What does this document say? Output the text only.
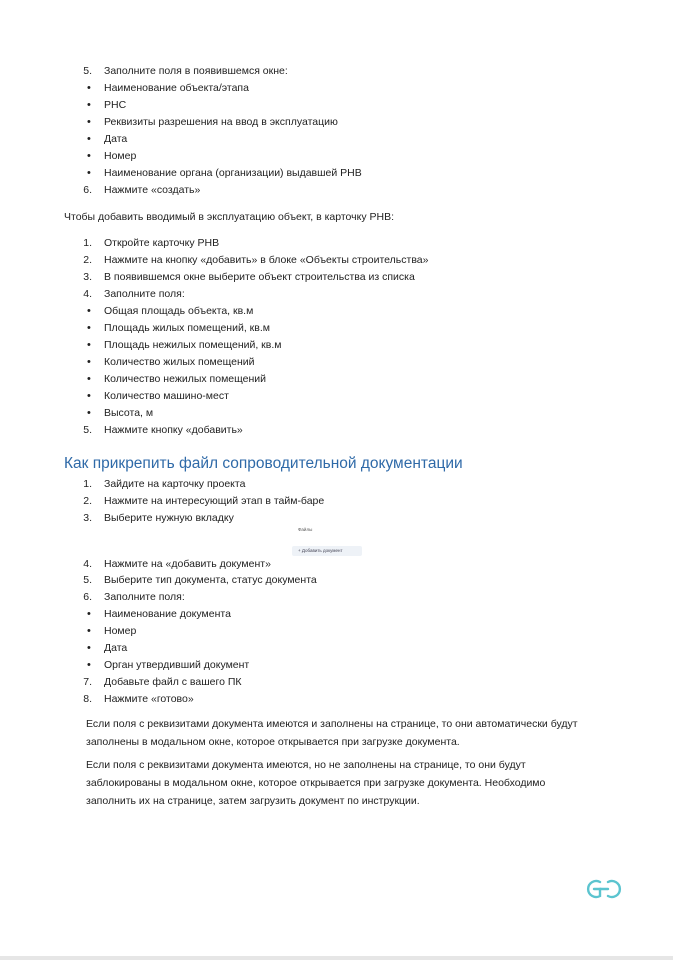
5. Заполните поля в появившемся окне:
• Наименование объекта/этапа
• РНС
• Реквизиты разрешения на ввод в эксплуатацию
• Дата
• Номер
• Наименование органа (организации) выдавшей РНВ
6. Нажмите «создать»
Чтобы добавить вводимый в эксплуатацию объект, в карточку РНВ:
1. Откройте карточку РНВ
2. Нажмите на кнопку «добавить» в блоке «Объекты строительства»
3. В появившемся окне выберите объект строительства из списка
4. Заполните поля:
• Общая площадь объекта, кв.м
• Площадь жилых помещений, кв.м
• Площадь нежилых помещений, кв.м
• Количество жилых помещений
• Количество нежилых помещений
• Количество машино-мест
• Высота, м
5. Нажмите кнопку «добавить»
Как прикрепить файл сопроводительной документации
1. Зайдите на карточку проекта
2. Нажмите на интересующий этап в тайм-баре
3. Выберите нужную вкладку
Файлы
+ Добавить документ
4. Нажмите на «добавить документ»
5. Выберите тип документа, статус документа
6. Заполните поля:
• Наименование документа
• Номер
• Дата
• Орган утвердивший документ
7. Добавьте файл с вашего ПК
8. Нажмите «готово»
Если поля с реквизитами документа имеются и заполнены на странице, то они автоматически будут
заполнены в модальном окне, которое открывается при загрузке документа.
Если поля с реквизитами документа имеются, но не заполнены на странице, то они будут
заблокированы в модальном окне, которое открывается при загрузке документа. Необходимо
заполнить их на странице, затем загрузить документ по инструкции.
